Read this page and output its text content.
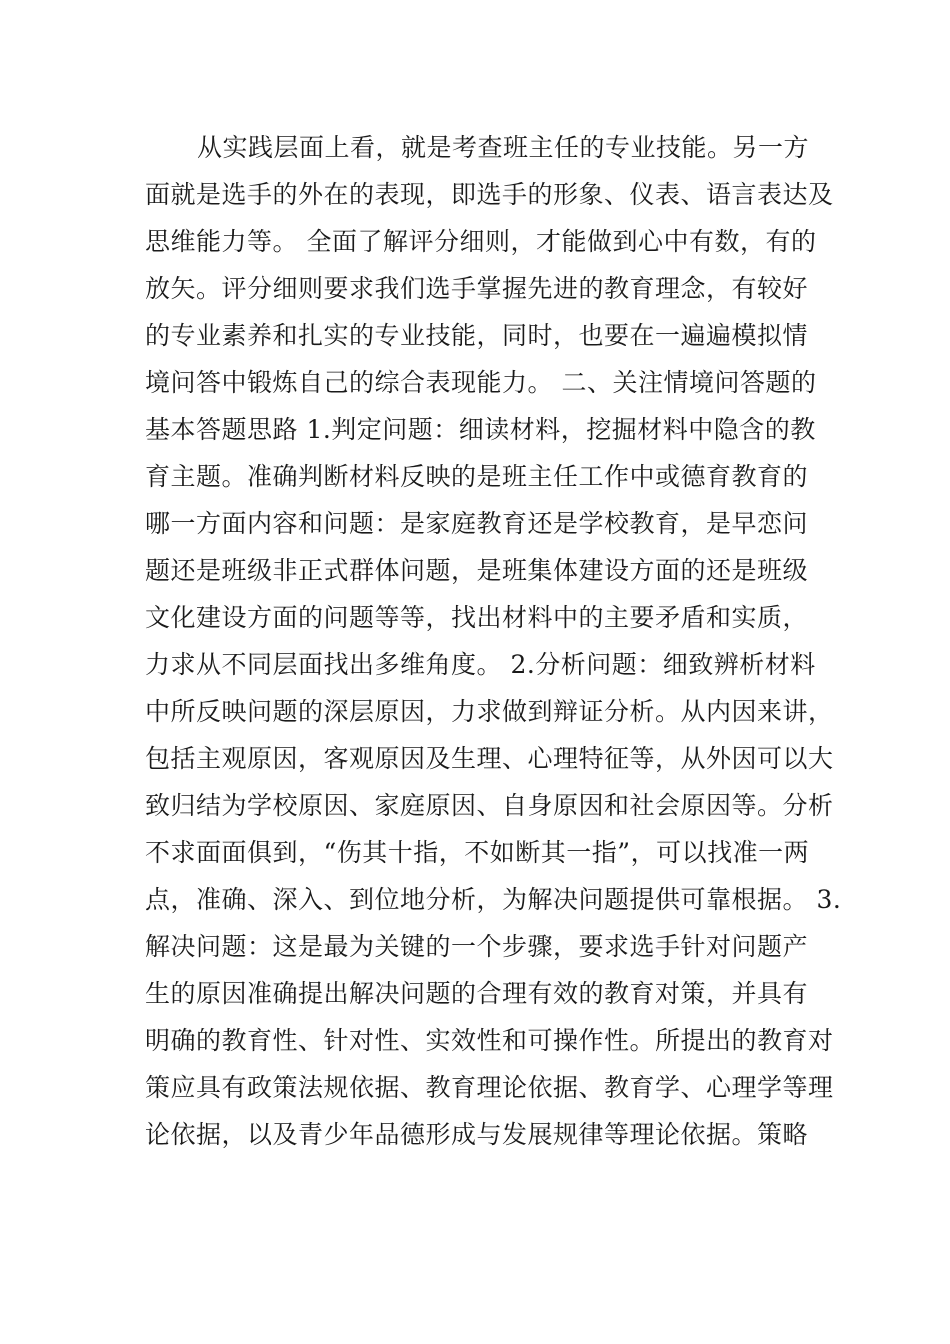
从实践层面上看，就是考查班主任的专业技能。另一方
面就是选手的外在的表现，即选手的形象、仪表、语言表达及
思维能力等。 全面了解评分细则，才能做到心中有数，有的
放矢。评分细则要求我们选手掌握先进的教育理念，有较好
的专业素养和扎实的专业技能，同时，也要在一遍遍模拟情
境问答中锻炼自己的综合表现能力。 二、关注情境问答题的
基本答题思路 1.判定问题：细读材料，挖掘材料中隐含的教
育主题。准确判断材料反映的是班主任工作中或德育教育的
哪一方面内容和问题：是家庭教育还是学校教育，是早恋问
题还是班级非正式群体问题，是班集体建设方面的还是班级
文化建设方面的问题等等，找出材料中的主要矛盾和实质，
力求从不同层面找出多维角度。 2.分析问题：细致辨析材料
中所反映问题的深层原因，力求做到辩证分析。从内因来讲，
包括主观原因，客观原因及生理、心理特征等，从外因可以大
致归结为学校原因、家庭原因、自身原因和社会原因等。分析
不求面面俱到，“伤其十指，不如断其一指”，可以找准一两
点，准确、深入、到位地分析，为解决问题提供可靠根据。 3.
解决问题：这是最为关键的一个步骤，要求选手针对问题产
生的原因准确提出解决问题的合理有效的教育对策，并具有
明确的教育性、针对性、实效性和可操作性。所提出的教育对
策应具有政策法规依据、教育理论依据、教育学、心理学等理
论依据，以及青少年品德形成与发展规律等理论依据。策略
